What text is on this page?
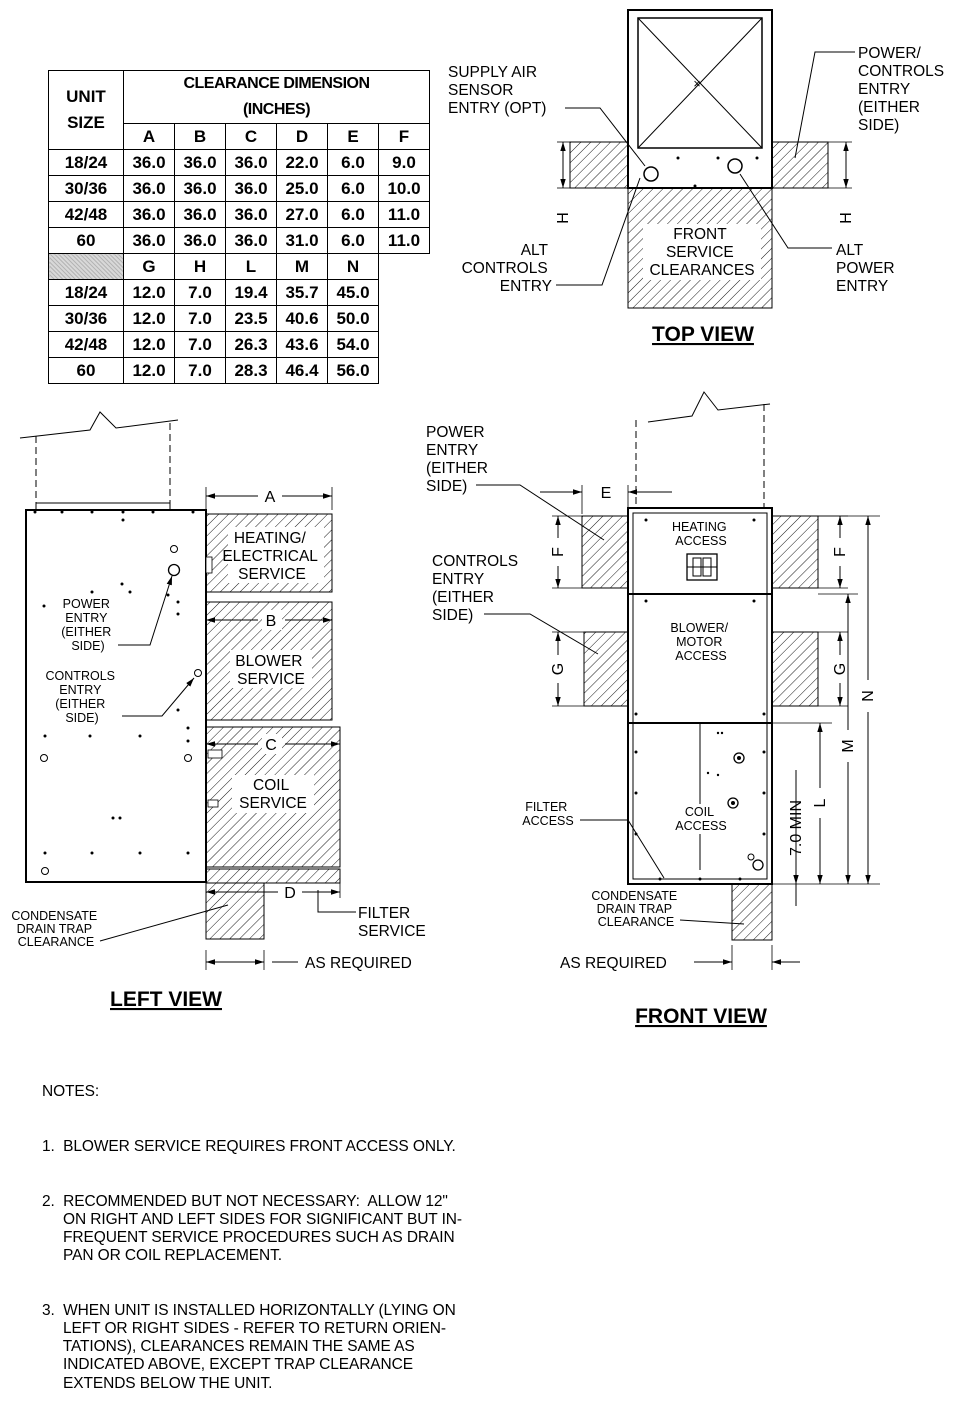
UNIT SIZE	CLEARANCE DIMENSION (INCHES)					
	A	B	C	D	E	F
18/24	36.0	36.0	36.0	22.0	6.0	9.0
30/36	36.0	36.0	36.0	25.0	6.0	10.0
42/48	36.0	36.0	36.0	27.0	6.0	11.0
60	36.0	36.0	36.0	31.0	6.0	11.0
	G	H	L	M	N	
18/24	12.0	7.0	19.4	35.7	45.0	
30/36	12.0	7.0	23.5	40.6	50.0	
42/48	12.0	7.0	26.3	43.6	54.0	
60	12.0	7.0	28.3	46.4	56.0	
×
H	H
SUPPLY AIR SENSOR ENTRY (OPT)
POWER/ CONTROLS ENTRY (EITHER SIDE)
FRONT SERVICE CLEARANCES
ALT CONTROLS ENTRY
ALT POWER ENTRY
TOP VIEW
A
B
C
D
HEATING/ ELECTRICAL SERVICE
BLOWER SERVICE
COIL SERVICE
FILTER SERVICE
POWER ENTRY (EITHER SIDE)
CONTROLS ENTRY (EITHER SIDE)
CONDENSATE DRAIN TRAP CLEARANCE
AS REQUIRED
LEFT VIEW
E
F	F
G	G
N
M
L
7.0 MIN
HEATING ACCESS
BLOWER/ MOTOR ACCESS
COIL ACCESS
POWER ENTRY (EITHER SIDE)
CONTROLS ENTRY (EITHER SIDE)
FILTER ACCESS
CONDENSATE DRAIN TRAP CLEARANCE
AS REQUIRED
FRONT VIEW

NOTES:

1.  BLOWER SERVICE REQUIRES FRONT ACCESS ONLY.

2.  RECOMMENDED BUT NOT NECESSARY:  ALLOW 12"
ON RIGHT AND LEFT SIDES FOR SIGNIFICANT BUT IN-
FREQUENT SERVICE PROCEDURES SUCH AS DRAIN
PAN OR COIL REPLACEMENT.

3.  WHEN UNIT IS INSTALLED HORIZONTALLY (LYING ON
LEFT OR RIGHT SIDES - REFER TO RETURN ORIEN-
TATIONS), CLEARANCES REMAIN THE SAME AS
INDICATED ABOVE, EXCEPT TRAP CLEARANCE
EXTENDS BELOW THE UNIT.
